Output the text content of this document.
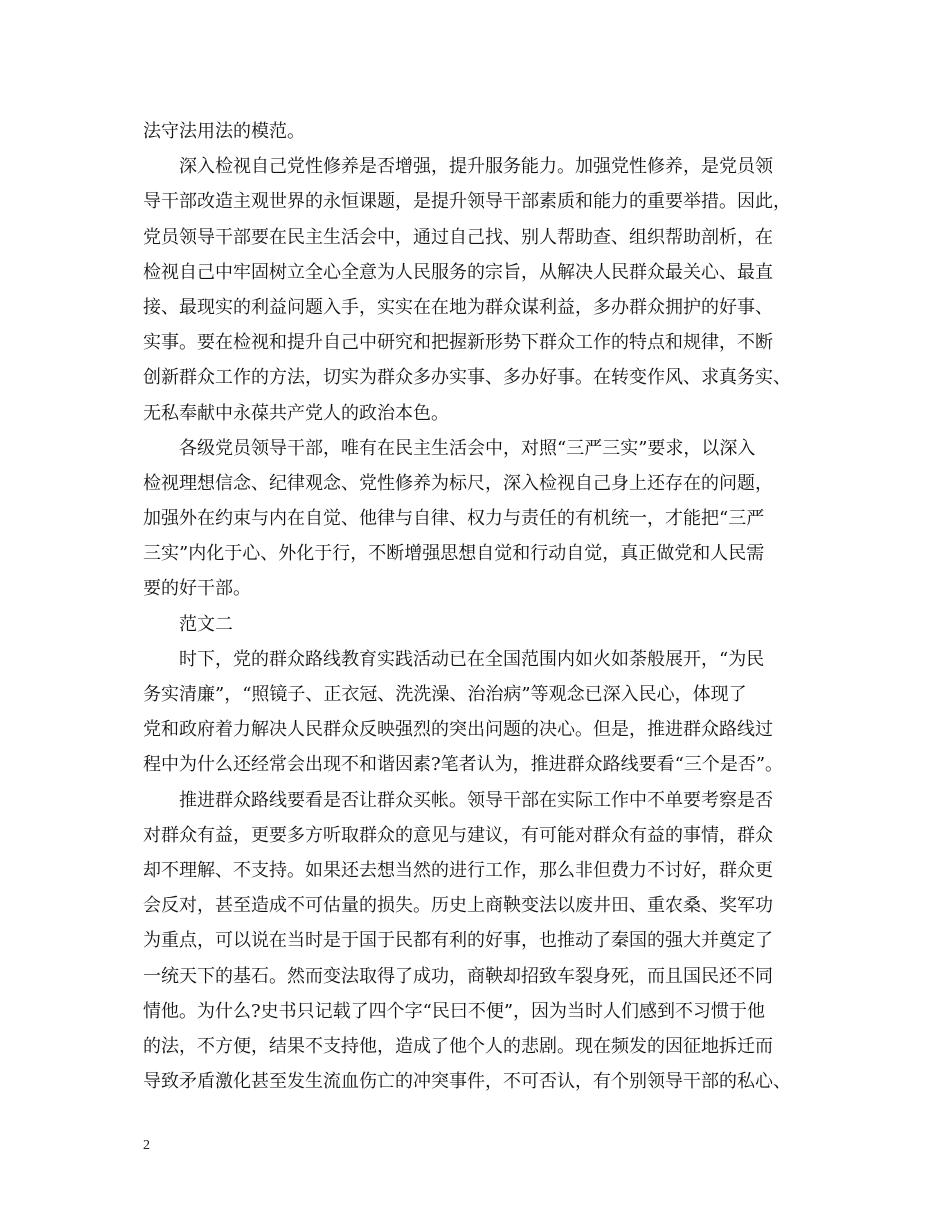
法守法用法的模范。
深入检视自己党性修养是否增强，提升服务能力。加强党性修养，是党员领
导干部改造主观世界的永恒课题，是提升领导干部素质和能力的重要举措。因此，
党员领导干部要在民主生活会中，通过自己找、别人帮助查、组织帮助剖析，在
检视自己中牢固树立全心全意为人民服务的宗旨，从解决人民群众最关心、最直
接、最现实的利益问题入手，实实在在地为群众谋利益，多办群众拥护的好事、
实事。要在检视和提升自己中研究和把握新形势下群众工作的特点和规律，不断
创新群众工作的方法，切实为群众多办实事、多办好事。在转变作风、求真务实、
无私奉献中永葆共产党人的政治本色。
各级党员领导干部，唯有在民主生活会中，对照“三严三实”要求，以深入
检视理想信念、纪律观念、党性修养为标尺，深入检视自己身上还存在的问题，
加强外在约束与内在自觉、他律与自律、权力与责任的有机统一，才能把“三严
三实”内化于心、外化于行，不断增强思想自觉和行动自觉，真正做党和人民需
要的好干部。
范文二
时下，党的群众路线教育实践活动已在全国范围内如火如荼般展开，“为民
务实清廉”，“照镜子、正衣冠、洗洗澡、治治病”等观念已深入民心，体现了
党和政府着力解决人民群众反映强烈的突出问题的决心。但是，推进群众路线过
程中为什么还经常会出现不和谐因素?笔者认为，推进群众路线要看“三个是否”。
推进群众路线要看是否让群众买帐。领导干部在实际工作中不单要考察是否
对群众有益，更要多方听取群众的意见与建议，有可能对群众有益的事情，群众
却不理解、不支持。如果还去想当然的进行工作，那么非但费力不讨好，群众更
会反对，甚至造成不可估量的损失。历史上商鞅变法以废井田、重农桑、奖军功
为重点，可以说在当时是于国于民都有利的好事，也推动了秦国的强大并奠定了
一统天下的基石。然而变法取得了成功，商鞅却招致车裂身死，而且国民还不同
情他。为什么?史书只记载了四个字“民曰不便”，因为当时人们感到不习惯于他
的法，不方便，结果不支持他，造成了他个人的悲剧。现在频发的因征地拆迁而
导致矛盾激化甚至发生流血伤亡的冲突事件，不可否认，有个别领导干部的私心、
2
